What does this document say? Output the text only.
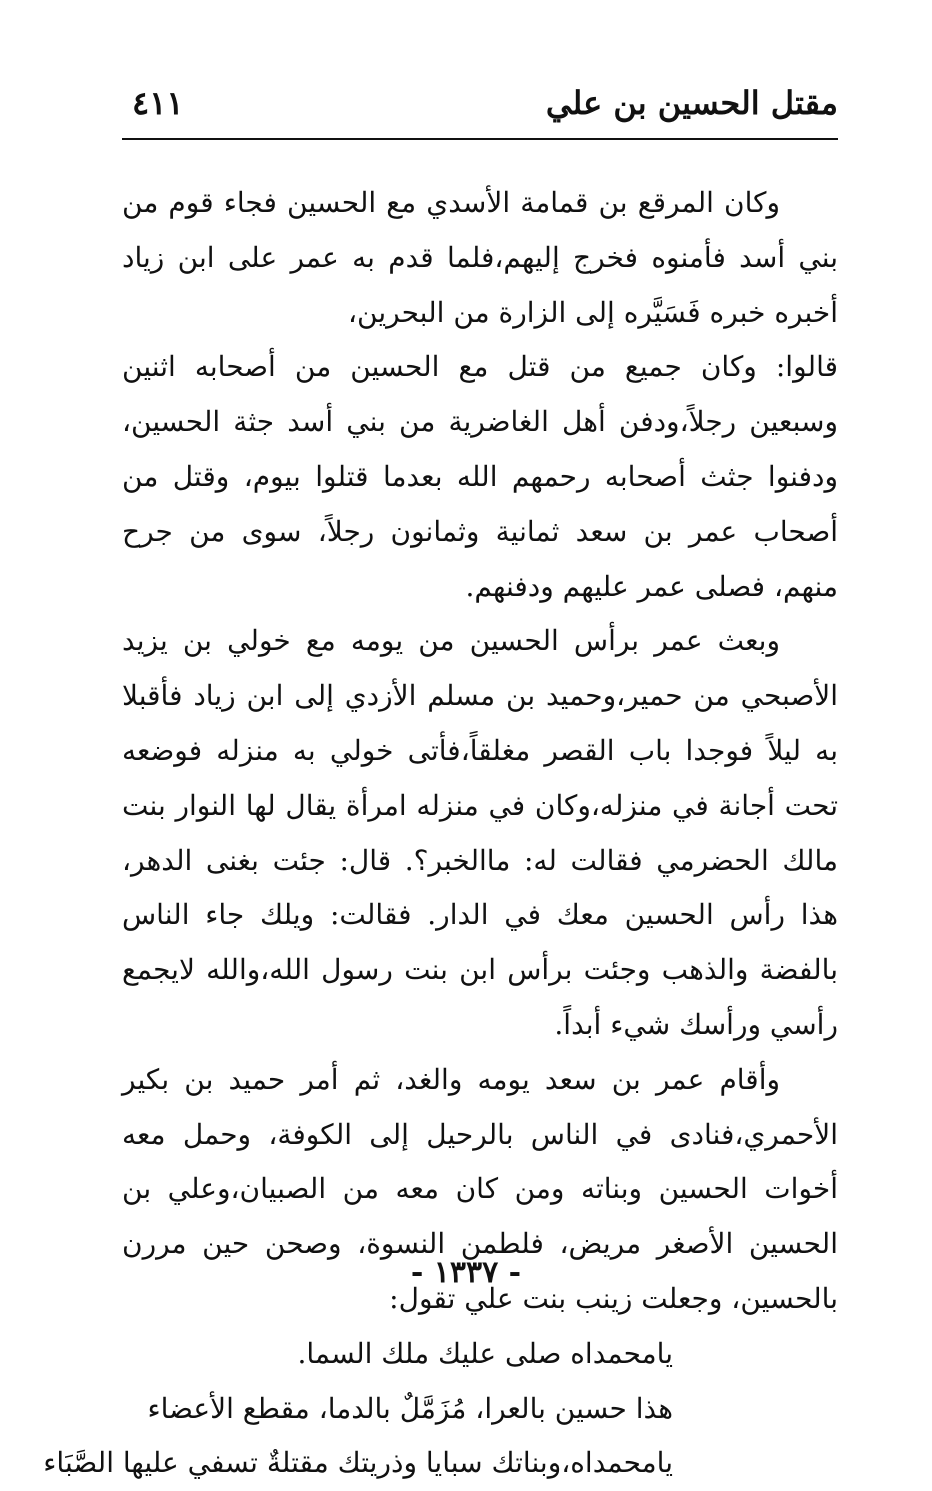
مقتل الحسين بن علي
٤١١

وكان المرقع بن قمامة الأسدي مع الحسين فجاء قوم من بني أسد فأمنوه فخرج إليهم،فلما قدم به عمر على ابن زياد أخبره خبره فَسَيَّره إلى الزارة من البحرين،

قالوا: وكان جميع من قتل مع الحسين من أصحابه اثنين وسبعين رجلاً،ودفن أهل الغاضرية من بني أسد جثة الحسين، ودفنوا جثث أصحابه رحمهم الله بعدما قتلوا بيوم، وقتل من أصحاب عمر بن سعد ثمانية وثمانون رجلاً، سوى من جرح منهم، فصلى عمر عليهم ودفنهم.

وبعث عمر برأس الحسين من يومه مع خولي بن يزيد الأصبحي من حمير،وحميد بن مسلم الأزدي إلى ابن زياد فأقبلا به ليلاً فوجدا باب القصر مغلقاً،فأتى خولي به منزله فوضعه تحت أجانة في منزله،وكان في منزله امرأة يقال لها النوار بنت مالك الحضرمي فقالت له: ماالخبر؟. قال: جئت بغنى الدهر، هذا رأس الحسين معك في الدار. فقالت: ويلك جاء الناس بالفضة والذهب وجئت برأس ابن بنت رسول الله،والله لايجمع رأسي ورأسك شيء أبداً.

وأقام عمر بن سعد يومه والغد، ثم أمر حميد بن بكير الأحمري،فنادى في الناس بالرحيل إلى الكوفة، وحمل معه أخوات الحسين وبناته ومن كان معه من الصبيان،وعلي بن الحسين الأصغر مريض، فلطمن النسوة، وصحن حين مررن بالحسين، وجعلت زينب بنت علي تقول:

يامحمداه صلى عليك ملك السما.

هذا حسين بالعرا، مُزَمَّلٌ بالدما، مقطع الأعضاء

يامحمداه،وبناتك سبايا وذريتك مقتلةٌ تسفي عليها الصَّبَاء

- ١٣٣٧ -
